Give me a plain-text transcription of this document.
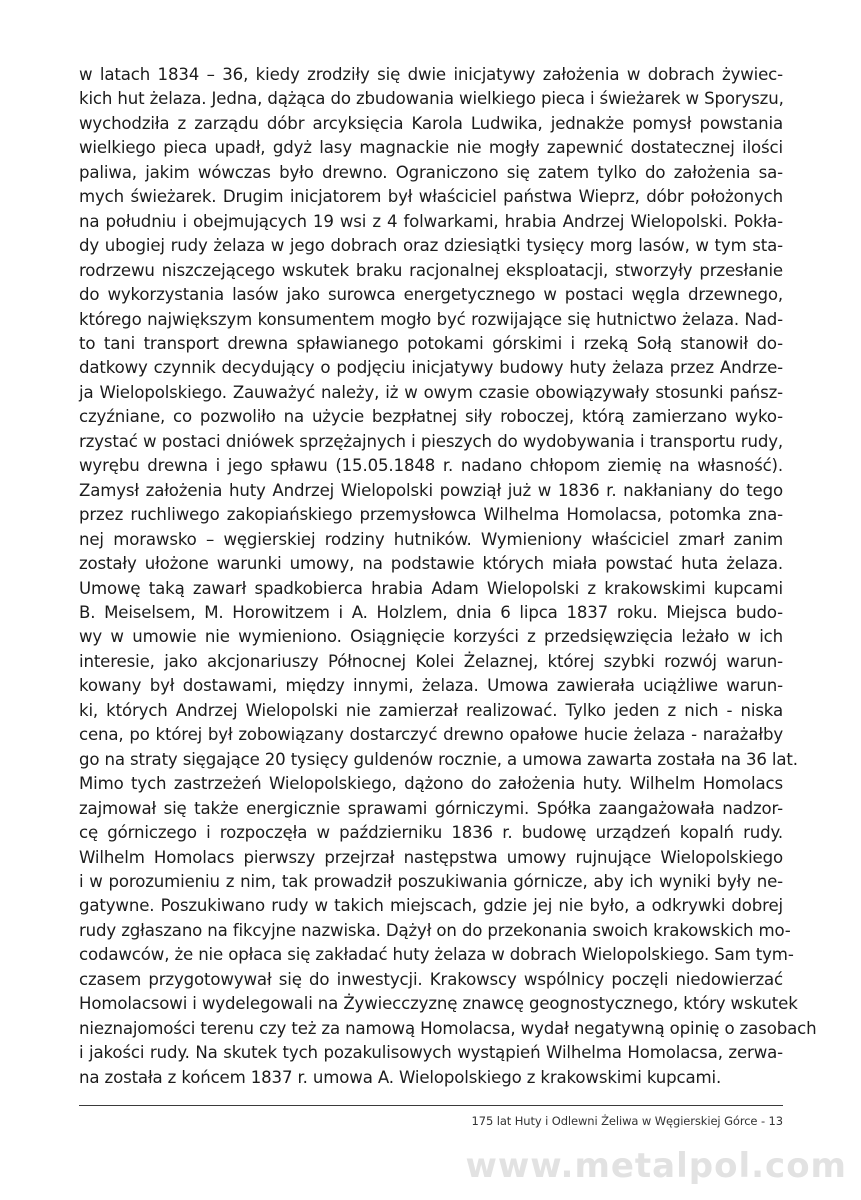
w latach 1834 – 36, kiedy zrodziły się dwie inicjatywy założenia w dobrach żywiec-
kich hut żelaza. Jedna, dążąca do zbudowania wielkiego pieca i świeżarek w Sporyszu,
wychodziła z zarządu dóbr arcyksięcia Karola Ludwika, jednakże pomysł powstania
wielkiego pieca upadł, gdyż lasy magnackie nie mogły zapewnić dostatecznej ilości
paliwa, jakim wówczas było drewno. Ograniczono się zatem tylko do założenia sa-
mych świeżarek. Drugim inicjatorem był właściciel państwa Wieprz, dóbr położonych
na południu i obejmujących 19 wsi z 4 folwarkami, hrabia Andrzej Wielopolski. Pokła-
dy ubogiej rudy żelaza w jego dobrach oraz dziesiątki tysięcy morg lasów, w tym sta-
rodrzewu niszczejącego wskutek braku racjonalnej eksploatacji, stworzyły przesłanie
do wykorzystania lasów jako surowca energetycznego w postaci węgla drzewnego,
którego największym konsumentem mogło być rozwijające się hutnictwo żelaza. Nad-
to tani transport drewna spławianego potokami górskimi i rzeką Sołą stanowił do-
datkowy czynnik decydujący o podjęciu inicjatywy budowy huty żelaza przez Andrze-
ja Wielopolskiego. Zauważyć należy, iż w owym czasie obowiązywały stosunki pańsz-
czyźniane, co pozwoliło na użycie bezpłatnej siły roboczej, którą zamierzano wyko-
rzystać w postaci dniówek sprzężajnych i pieszych do wydobywania i transportu rudy,
wyrębu drewna i jego spławu (15.05.1848 r. nadano chłopom ziemię na własność).
Zamysł założenia huty Andrzej Wielopolski powziął już w 1836 r. nakłaniany do tego
przez ruchliwego zakopiańskiego przemysłowca Wilhelma Homolacsa, potomka zna-
nej morawsko – węgierskiej rodziny hutników. Wymieniony właściciel zmarł zanim
zostały ułożone warunki umowy, na podstawie których miała powstać huta żelaza.
Umowę taką zawarł spadkobierca hrabia Adam Wielopolski z krakowskimi kupcami
B. Meiselsem, M. Horowitzem i A. Holzlem, dnia 6 lipca 1837 roku. Miejsca budo-
wy w umowie nie wymieniono. Osiągnięcie korzyści z przedsięwzięcia leżało w ich
interesie, jako akcjonariuszy Północnej Kolei Żelaznej, której szybki rozwój warun-
kowany był dostawami, między innymi, żelaza. Umowa zawierała uciążliwe warun-
ki, których Andrzej Wielopolski nie zamierzał realizować. Tylko jeden z nich - niska
cena, po której był zobowiązany dostarczyć drewno opałowe hucie żelaza - narażałby
go na straty sięgające 20 tysięcy guldenów rocznie, a umowa zawarta została na 36 lat.
Mimo tych zastrzeżeń Wielopolskiego, dążono do założenia huty. Wilhelm Homolacs
zajmował się także energicznie sprawami górniczymi. Spółka zaangażowała nadzor-
cę górniczego i rozpoczęła w październiku 1836 r. budowę urządzeń kopalń rudy.
Wilhelm Homolacs pierwszy przejrzał następstwa umowy rujnujące Wielopolskiego
i w porozumieniu z nim, tak prowadził poszukiwania górnicze, aby ich wyniki były ne-
gatywne. Poszukiwano rudy w takich miejscach, gdzie jej nie było, a odkrywki dobrej
rudy zgłaszano na fikcyjne nazwiska. Dążył on do przekonania swoich krakowskich mo-
codawców, że nie opłaca się zakładać huty żelaza w dobrach Wielopolskiego. Sam tym-
czasem przygotowywał się do inwestycji. Krakowscy wspólnicy poczęli niedowierzać
Homolacsowi i wydelegowali na Żywiecczyznę znawcę geognostycznego, który wskutek
nieznajomości terenu czy też za namową Homolacsa, wydał negatywną opinię o zasobach
i jakości rudy. Na skutek tych pozakulisowych wystąpień Wilhelma Homolacsa, zerwa-
na została z końcem 1837 r. umowa A. Wielopolskiego z krakowskimi kupcami.
175 lat Huty i Odlewni Żeliwa w Węgierskiej Górce - 13
www.metalpol.com
